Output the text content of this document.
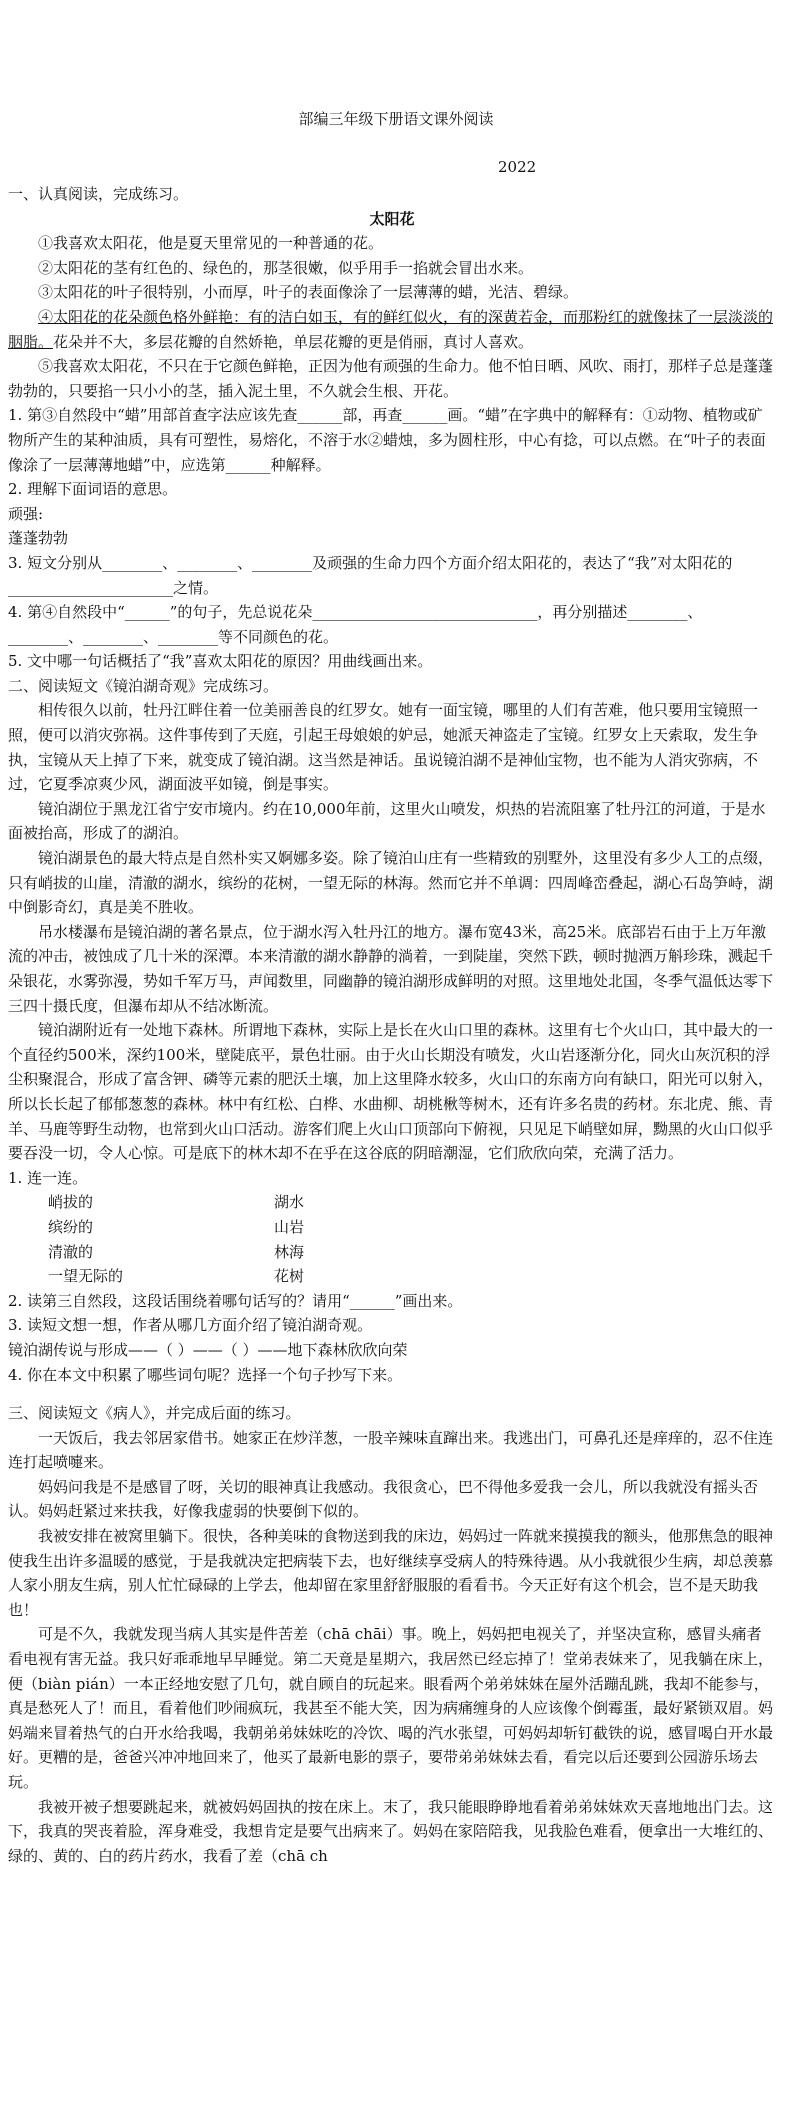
部编三年级下册语文课外阅读
2022

一、认真阅读，完成练习。

太阳花

①我喜欢太阳花，他是夏天里常见的一种普通的花。

②太阳花的茎有红色的、绿色的，那茎很嫩，似乎用手一掐就会冒出水来。

③太阳花的叶子很特别，小而厚，叶子的表面像涂了一层薄薄的蜡，光洁、碧绿。

④太阳花的花朵颜色格外鲜艳：有的洁白如玉，有的鲜红似火，有的深黄若金，而那粉红的就像抹了一层淡淡的胭脂。花朵并不大，多层花瓣的自然娇艳，单层花瓣的更是俏丽，真讨人喜欢。

⑤我喜欢太阳花，不只在于它颜色鲜艳，正因为他有顽强的生命力。他不怕日晒、风吹、雨打，那样子总是蓬蓬勃勃的，只要掐一只小小的茎，插入泥土里，不久就会生根、开花。

1. 第③自然段中“蜡”用部首查字法应该先查______部，再查______画。“蜡”在字典中的解释有：①动物、植物或矿物所产生的某种油质，具有可塑性，易熔化，不溶于水②蜡烛，多为圆柱形，中心有捻，可以点燃。在“叶子的表面像涂了一层薄薄地蜡”中，应选第______种解释。

2. 理解下面词语的意思。

顽强:

蓬蓬勃勃

3. 短文分别从________、________、________及顽强的生命力四个方面介绍太阳花的，表达了“我”对太阳花的______________________之情。

4. 第④自然段中“______”的句子，先总说花朵______________________________，再分别描述________、________、________、________等不同颜色的花。

5. 文中哪一句话概括了“我”喜欢太阳花的原因？用曲线画出来。

二、阅读短文《镜泊湖奇观》完成练习。

相传很久以前，牡丹江畔住着一位美丽善良的红罗女。她有一面宝镜，哪里的人们有苦难，他只要用宝镜照一照，便可以消灾弥祸。这件事传到了天庭，引起王母娘娘的妒忌，她派天神盗走了宝镜。红罗女上天索取，发生争执，宝镜从天上掉了下来，就变成了镜泊湖。这当然是神话。虽说镜泊湖不是神仙宝物，也不能为人消灾弥病，不过，它夏季凉爽少风，湖面波平如镜，倒是事实。

镜泊湖位于黑龙江省宁安市境内。约在10,000年前，这里火山喷发，炽热的岩流阻塞了牡丹江的河道，于是水面被抬高，形成了的湖泊。

镜泊湖景色的最大特点是自然朴实又婀娜多姿。除了镜泊山庄有一些精致的别墅外，这里没有多少人工的点缀，只有峭拔的山崖，清澈的湖水，缤纷的花树，一望无际的林海。然而它并不单调：四周峰峦叠起，湖心石岛笋峙，湖中倒影奇幻，真是美不胜收。

吊水楼瀑布是镜泊湖的著名景点，位于湖水泻入牡丹江的地方。瀑布宽43米，高25米。底部岩石由于上万年激流的冲击，被蚀成了几十米的深潭。本来清澈的湖水静静的淌着，一到陡崖，突然下跌，顿时抛洒万斛珍珠，溅起千朵银花，水雾弥漫，势如千军万马，声闻数里，同幽静的镜泊湖形成鲜明的对照。这里地处北国，冬季气温低达零下三四十摄氏度，但瀑布却从不结冰断流。

镜泊湖附近有一处地下森林。所谓地下森林，实际上是长在火山口里的森林。这里有七个火山口，其中最大的一个直径约500米，深约100米，壁陡底平，景色壮丽。由于火山长期没有喷发，火山岩逐渐分化，同火山灰沉积的浮尘积聚混合，形成了富含钾、磷等元素的肥沃土壤，加上这里降水较多，火山口的东南方向有缺口，阳光可以射入，所以长长起了郁郁葱葱的森林。林中有红松、白桦、水曲柳、胡桃楸等树木，还有许多名贵的药材。东北虎、熊、青羊、马鹿等野生动物，也常到火山口活动。游客们爬上火山口顶部向下俯视，只见足下峭壁如屏，黝黑的火山口似乎要吞没一切，令人心惊。可是底下的林木却不在乎在这谷底的阴暗潮湿，它们欣欣向荣，充满了活力。

1. 连一连。

峭拔的	湖水
缤纷的	山岩
清澈的	林海
一望无际的	花树

2. 读第三自然段，这段话围绕着哪句话写的？请用“______”画出来。

3. 读短文想一想，作者从哪几方面介绍了镜泊湖奇观。

镜泊湖传说与形成——（ ）——（ ）——地下森林欣欣向荣

4. 你在本文中积累了哪些词句呢？选择一个句子抄写下来。

三、阅读短文《病人》，并完成后面的练习。

一天饭后，我去邻居家借书。她家正在炒洋葱，一股辛辣味直蹿出来。我逃出门，可鼻孔还是痒痒的，忍不住连连打起喷嚏来。

妈妈问我是不是感冒了呀，关切的眼神真让我感动。我很贪心，巴不得他多爱我一会儿，所以我就没有摇头否认。妈妈赶紧过来扶我，好像我虚弱的快要倒下似的。

我被安排在被窝里躺下。很快，各种美味的食物送到我的床边，妈妈过一阵就来摸摸我的额头，他那焦急的眼神使我生出许多温暖的感觉，于是我就决定把病装下去，也好继续享受病人的特殊待遇。从小我就很少生病，却总羡慕人家小朋友生病，别人忙忙碌碌的上学去，他却留在家里舒舒服服的看看书。今天正好有这个机会，岂不是天助我也！

可是不久，我就发现当病人其实是件苦差（chā chāi）事。晚上，妈妈把电视关了，并坚决宣称，感冒头痛者看电视有害无益。我只好乖乖地早早睡觉。第二天竟是星期六，我居然已经忘掉了！堂弟表妹来了，见我躺在床上，便（biàn pián）一本正经地安慰了几句，就自顾自的玩起来。眼看两个弟弟妹妹在屋外活蹦乱跳，我却不能参与，真是愁死人了！而且，看着他们吵闹疯玩，我甚至不能大笑，因为病痛缠身的人应该像个倒霉蛋，最好紧锁双眉。妈妈端来冒着热气的白开水给我喝，我朝弟弟妹妹吃的冷饮、喝的汽水张望，可妈妈却斩钉截铁的说，感冒喝白开水最好。更糟的是，爸爸兴冲冲地回来了，他买了最新电影的票子，要带弟弟妹妹去看，看完以后还要到公园游乐场去玩。

我被开被子想要跳起来，就被妈妈固执的按在床上。末了，我只能眼睁睁地看着弟弟妹妹欢天喜地地出门去。这下，我真的哭丧着脸，浑身难受，我想肯定是要气出病来了。妈妈在家陪陪我，见我脸色难看，便拿出一大堆红的、绿的、黄的、白的药片药水，我看了差（chā ch
